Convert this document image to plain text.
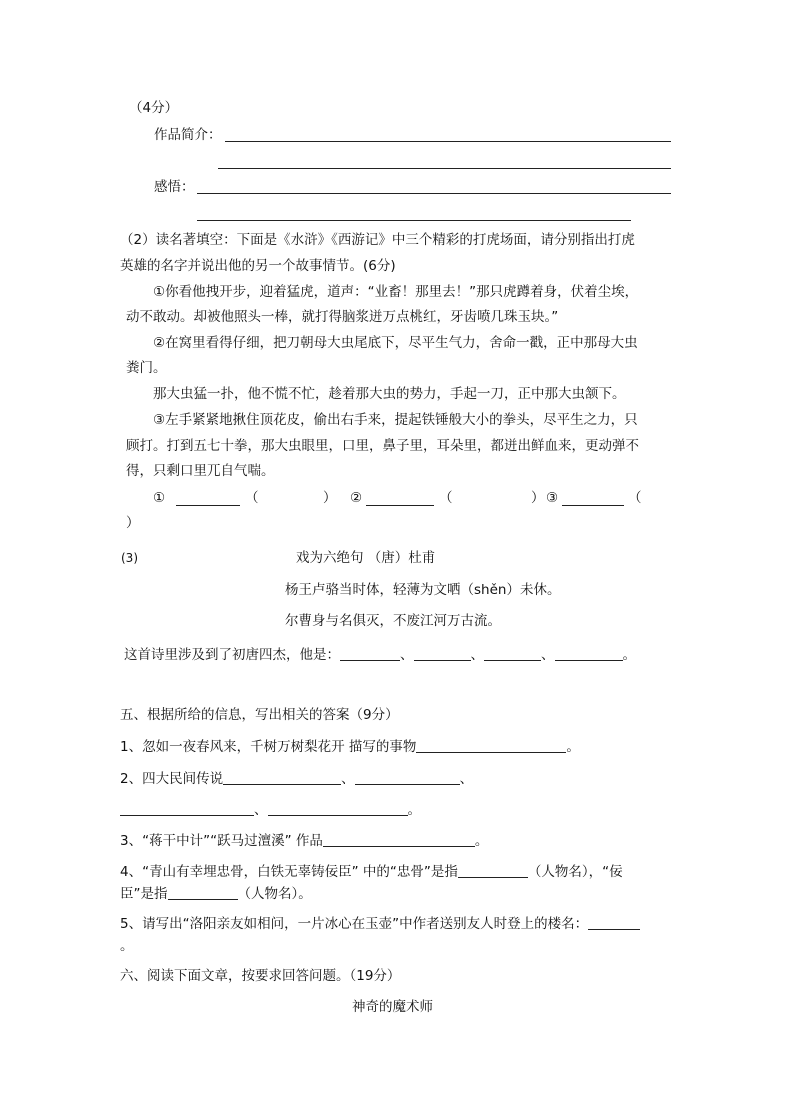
（4分）
作品简介：
感悟：
（2）读名著填空：下面是《水浒》《西游记》中三个精彩的打虎场面，请分别指出打虎
英雄的名字并说出他的另一个故事情节。(6分)
①你看他拽开步，迎着猛虎，道声：“业畜！那里去！”那只虎蹲着身，伏着尘埃，
动不敢动。却被他照头一棒，就打得脑浆迸万点桃红，牙齿喷几珠玉块。”
②在窝里看得仔细，把刀朝母大虫尾底下，尽平生气力，舍命一戳，正中那母大虫
粪门。
那大虫猛一扑，他不慌不忙，趁着那大虫的势力，手起一刀，正中那大虫颔下。
③左手紧紧地揪住顶花皮，偷出右手来，提起铁锤般大小的拳头，尽平生之力，只
顾打。打到五七十拳，那大虫眼里，口里，鼻子里，耳朵里，都迸出鲜血来，更动弹不
得，只剩口里兀自气喘。
①	（	） ②	（	） ③	（
）
(3)	戏为六绝句 （唐）杜甫
杨王卢骆当时体，轻薄为文哂（shěn）未休。
尔曹身与名俱灭，不废江河万古流。
这首诗里涉及到了初唐四杰，他是：	、	、	、	。
五、根据所给的信息，写出相关的答案（9分）
1、忽如一夜春风来，千树万树梨花开 描写的事物	。
2、四大民间传说	、	、
、	。
3、“蒋干中计”“跃马过澶溪” 作品	。
4、“青山有幸埋忠骨，白铁无辜铸佞臣” 中的“忠骨”是指	（人物名），“佞
臣”是指	（人物名）。
5、请写出“洛阳亲友如相问，一片冰心在玉壶”中作者送别友人时登上的楼名：
。
六、阅读下面文章，按要求回答问题。（19分）
神奇的魔术师
